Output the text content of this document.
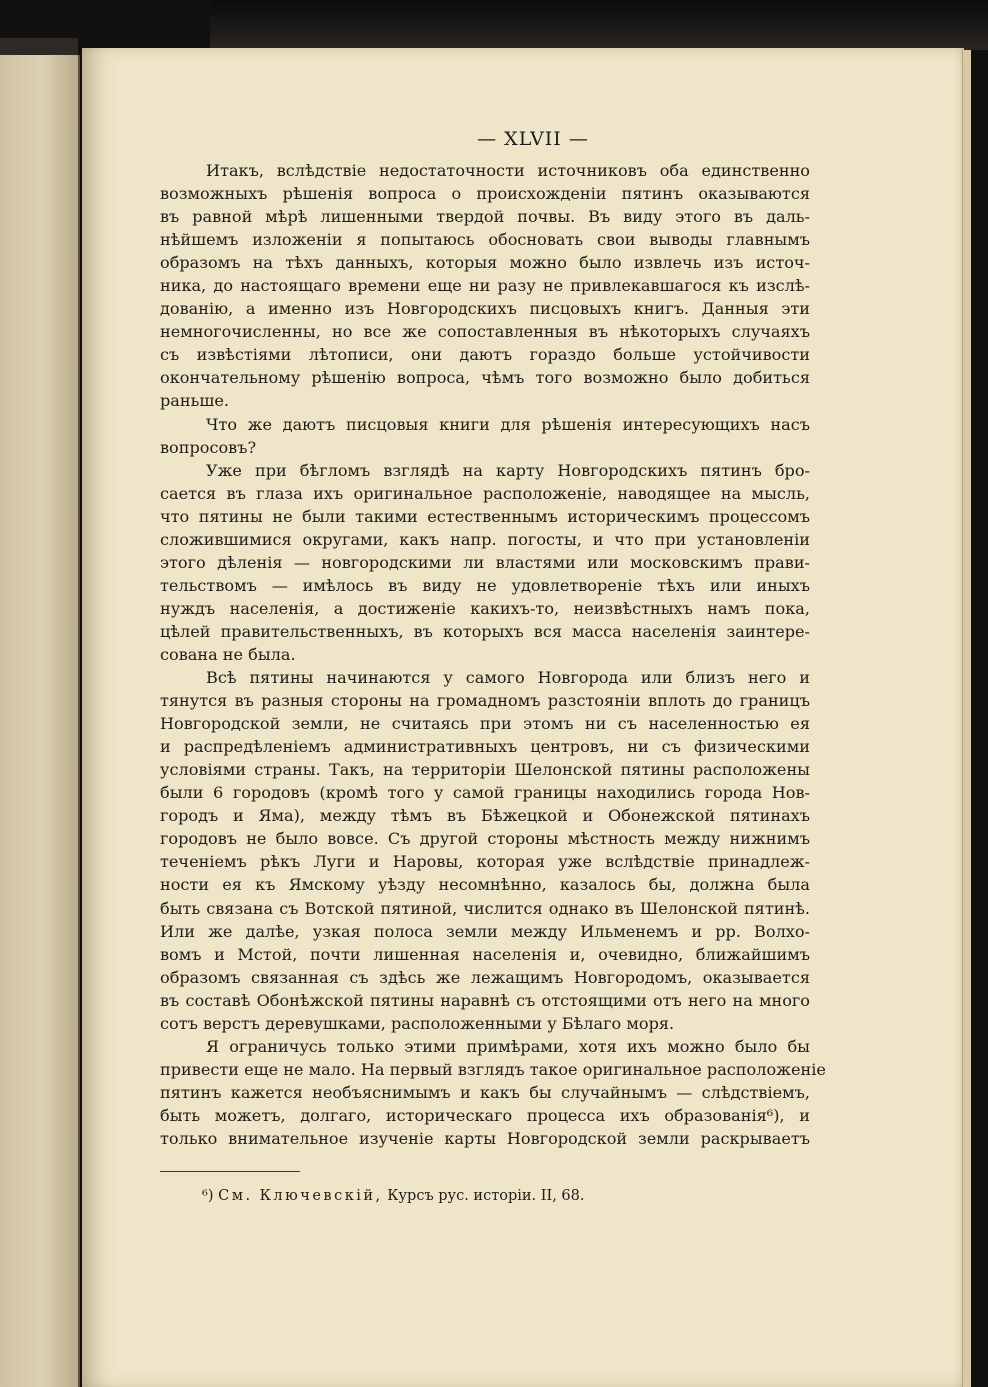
— XLVII —
Итакъ, вслѣдствіе недостаточности источниковъ оба единственно
возможныхъ рѣшенія вопроса о происхожденіи пятинъ оказываются
въ равной мѣрѣ лишенными твердой почвы. Въ виду этого въ даль-
нѣйшемъ изложеніи я попытаюсь обосновать свои выводы главнымъ
образомъ на тѣхъ данныхъ, которыя можно было извлечь изъ источ-
ника, до настоящаго времени еще ни разу не привлекавшагося къ изслѣ-
дованію, а именно изъ Новгородскихъ писцовыхъ книгъ. Данныя эти
немногочисленны, но все же сопоставленныя въ нѣкоторыхъ случаяхъ
съ извѣстіями лѣтописи, они даютъ гораздо больше устойчивости
окончательному рѣшенію вопроса, чѣмъ того возможно было добиться
раньше.
Что же даютъ писцовыя книги для рѣшенія интересующихъ насъ
вопросовъ?
Уже при бѣгломъ взглядѣ на карту Новгородскихъ пятинъ бро-
сается въ глаза ихъ оригинальное расположеніе, наводящее на мысль,
что пятины не были такими естественнымъ историческимъ процессомъ
сложившимися округами, какъ напр. погосты, и что при установленіи
этого дѣленія — новгородскими ли властями или московскимъ прави-
тельствомъ — имѣлось въ виду не удовлетвореніе тѣхъ или иныхъ
нуждъ населенія, а достиженіе какихъ-то, неизвѣстныхъ намъ пока,
цѣлей правительственныхъ, въ которыхъ вся масса населенія заинтере-
сована не была.
Всѣ пятины начинаются у самого Новгорода или близъ него и
тянутся въ разныя стороны на громадномъ разстояніи вплоть до границъ
Новгородской земли, не считаясь при этомъ ни съ населенностью ея
и распредѣленіемъ административныхъ центровъ, ни съ физическими
условіями страны. Такъ, на территоріи Шелонской пятины расположены
были 6 городовъ (кромѣ того у самой границы находились города Нов-
городъ и Яма), между тѣмъ въ Бѣжецкой и Обонежской пятинахъ
городовъ не было вовсе. Съ другой стороны мѣстность между нижнимъ
теченіемъ рѣкъ Луги и Наровы, которая уже вслѣдствіе принадлеж-
ности ея къ Ямскому уѣзду несомнѣнно, казалось бы, должна была
быть связана съ Вотской пятиной, числится однако въ Шелонской пятинѣ.
Или же далѣе, узкая полоса земли между Ильменемъ и рр. Волхо-
вомъ и Мстой, почти лишенная населенія и, очевидно, ближайшимъ
образомъ связанная съ здѣсь же лежащимъ Новгородомъ, оказывается
въ составѣ Обонѣжской пятины наравнѣ съ отстоящими отъ него на много
сотъ верстъ деревушками, расположенными у Бѣлаго моря.
Я ограничусь только этими примѣрами, хотя ихъ можно было бы
привести еще не мало. На первый взглядъ такое оригинальное расположеніе
пятинъ кажется необъяснимымъ и какъ бы случайнымъ — слѣдствіемъ,
быть можетъ, долгаго, историческаго процесса ихъ образованія⁶), и
только внимательное изученіе карты Новгородской земли раскрываетъ
⁶) См. Ключевскій, Курсъ рус. исторіи. II, 68.
